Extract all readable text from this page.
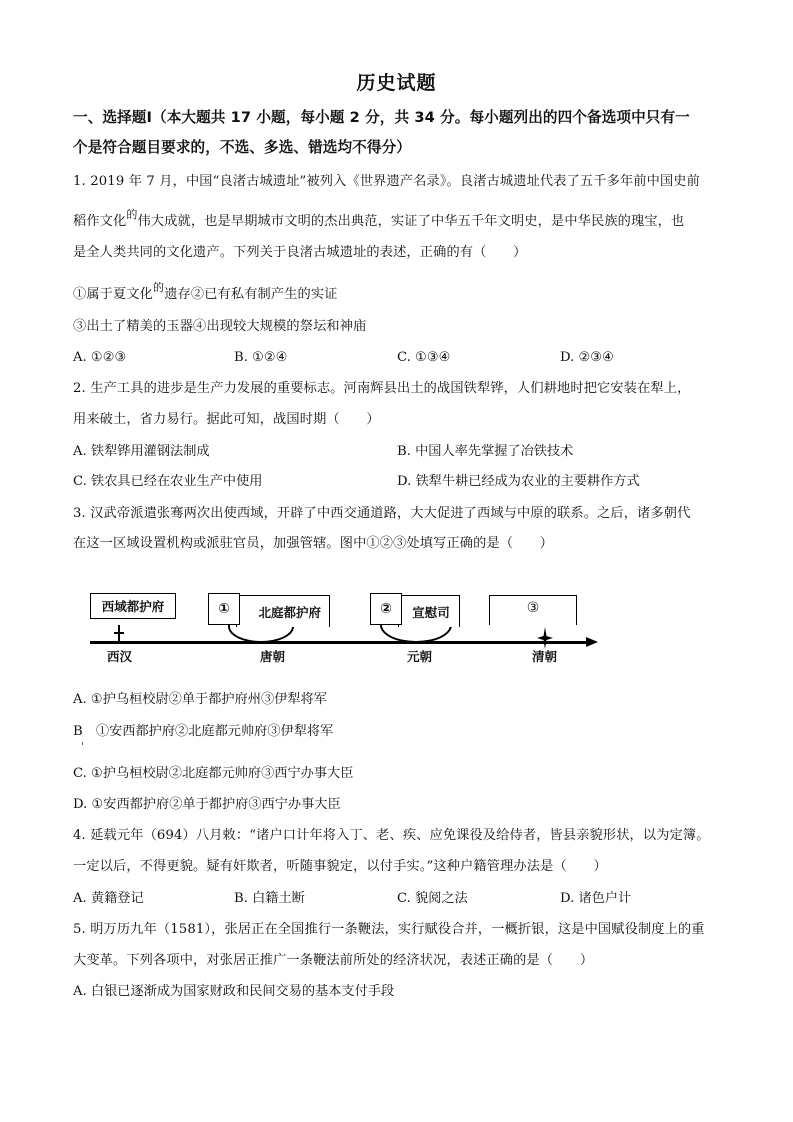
历史试题
一、选择题Ⅰ（本大题共 17 小题，每小题 2 分，共 34 分。每小题列出的四个备选项中只有一
个是符合题目要求的，不选、多选、错选均不得分）
1. 2019 年 7 月，中国“良渚古城遗址”被列入《世界遗产名录》。良渚古城遗址代表了五千多年前中国史前
稻作文化$^的$伟大成就，也是早期城市文明的杰出典范，实证了中华五千年文明史，是中华民族的瑰宝，也
是全人类共同的文化遗产。下列关于良渚古城遗址的表述，正确的有（　　）
①属于夏文化$^的$遗存②已有私有制产生的实证
③出土了精美的玉器④出现较大规模的祭坛和神庙
A. ①②③	B. ①②④	C. ①③④	D. ②③④
2. 生产工具的进步是生产力发展的重要标志。河南辉县出土的战国铁犁铧，人们耕地时把它安装在犁上，
用来破土，省力易行。据此可知，战国时期（　　）
A. 铁犁铧用灌钢法制成	B. 中国人率先掌握了冶铁技术
C. 铁农具已经在农业生产中使用	D. 铁犁牛耕已经成为农业的主要耕作方式
3. 汉武帝派遣张骞两次出使西域，开辟了中西交通道路，大大促进了西域与中原的联系。之后，诸多朝代
在这一区域设置机构或派驻官员，加强管辖。图中①②③处填写正确的是（　　）
西域都护府	北庭都护府
①	宣慰司
②	③
西汉	唐朝	元朝	清朝
A. ①护乌桓校尉②单于都护府州③伊犁将军
B　①安西都护府②北庭都元帅府③伊犁将军
C. ①护乌桓校尉②北庭都元帅府③西宁办事大臣
D. ①安西都护府②单于都护府③西宁办事大臣
4. 延载元年（694）八月敕：“诸户口计年将入丁、老、疾、应免课役及给侍者，皆县亲貌形状，以为定簿。
一定以后，不得更貌。疑有奸欺者，听随事貌定，以付手实。”这种户籍管理办法是（　　）
A. 黄籍登记	B. 白籍土断	C. 貌阅之法	D. 诸色户计
5. 明万历九年（1581），张居正在全国推行一条鞭法，实行赋役合并，一概折银，这是中国赋役制度上的重
大变革。下列各项中，对张居正推广一条鞭法前所处的经济状况，表述正确的是（　　）
A. 白银已逐渐成为国家财政和民间交易的基本支付手段
